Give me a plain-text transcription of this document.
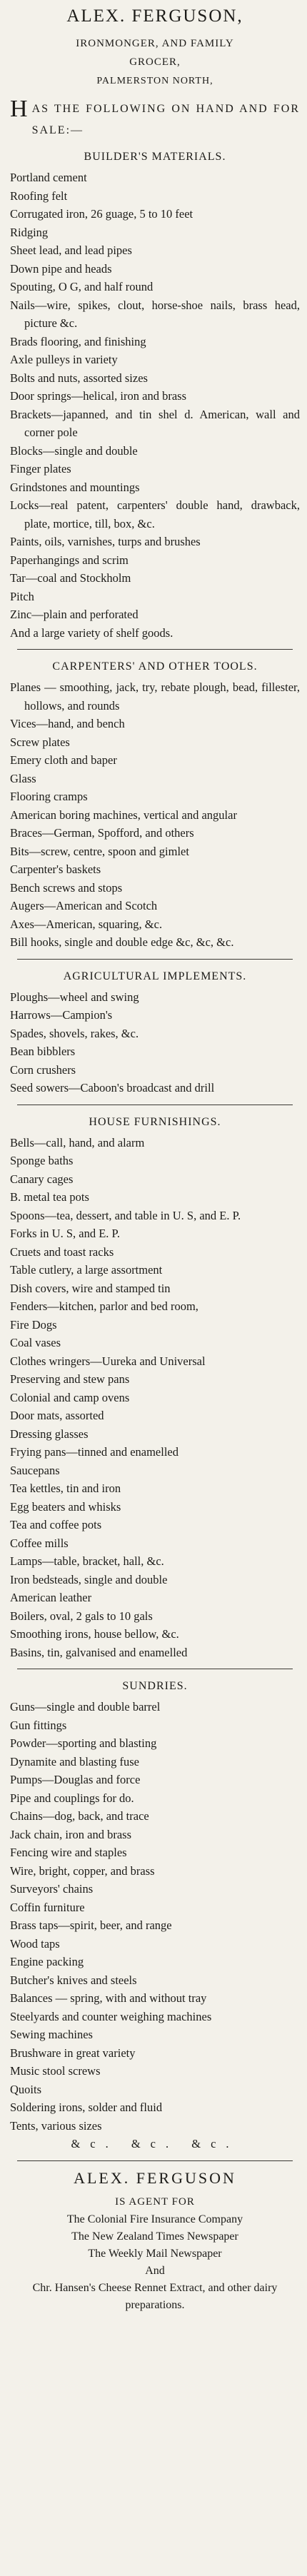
ALEX. FERGUSON,
IRONMONGER, AND FAMILY
GROCER,
PALMERSTON NORTH,
H AS THE FOLLOWING ON HAND AND FOR SALE:—
BUILDER'S MATERIALS.
Portland cement
Roofing felt
Corrugated iron, 26 guage, 5 to 10 feet
Ridging
Sheet lead, and lead pipes
Down pipe and heads
Spouting, O G, and half round
Nails—wire, spikes, clout, horse-shoe nails, brass head, picture &c.
Brads flooring, and finishing
Axle pulleys in variety
Bolts and nuts, assorted sizes
Door springs—helical, iron and brass
Brackets—japanned, and tin shel d. American, wall and corner pole
Blocks—single and double
Finger plates
Grindstones and mountings
Locks—real patent, carpenters' double hand, drawback, plate, mortice, till, box, &c.
Paints, oils, varnishes, turps and brushes
Paperhangings and scrim
Tar—coal and Stockholm
Pitch
Zinc—plain and perforated
And a large variety of shelf goods.
CARPENTERS' AND OTHER TOOLS.
Planes — smoothing, jack, try, rebate plough, bead, fillester, hollows, and rounds
Vices—hand, and bench
Screw plates
Emery cloth and baper
Glass
Flooring cramps
American boring machines, vertical and angular
Braces—German, Spofford, and others
Bits—screw, centre, spoon and gimlet
Carpenter's baskets
Bench screws and stops
Augers—American and Scotch
Axes—American, squaring, &c.
Bill hooks, single and double edge &c, &c, &c.
AGRICULTURAL IMPLEMENTS.
Ploughs—wheel and swing
Harrows—Campion's
Spades, shovels, rakes, &c.
Bean bibblers
Corn crushers
Seed sowers—Caboon's broadcast and drill
HOUSE FURNISHINGS.
Bells—call, hand, and alarm
Sponge baths
Canary cages
B. metal tea pots
Spoons—tea, dessert, and table in U. S, and E. P.
Forks in U. S, and E. P.
Cruets and toast racks
Table cutlery, a large assortment
Dish covers, wire and stamped tin
Fenders—kitchen, parlor and bed room,
Fire Dogs
Coal vases
Clothes wringers—Uureka and Universal
Preserving and stew pans
Colonial and camp ovens
Door mats, assorted
Dressing glasses
Frying pans—tinned and enamelled
Saucepans
Tea kettles, tin and iron
Egg beaters and whisks
Tea and coffee pots
Coffee mills
Lamps—table, bracket, hall, &c.
Iron bedsteads, single and double
American leather
Boilers, oval, 2 gals to 10 gals
Smoothing irons, house bellow, &c.
Basins, tin, galvanised and enamelled
SUNDRIES.
Guns—single and double barrel
Gun fittings
Powder—sporting and blasting
Dynamite and blasting fuse
Pumps—Douglas and force
Pipe and couplings for do.
Chains—dog, back, and trace
Jack chain, iron and brass
Fencing wire and staples
Wire, bright, copper, and brass
Surveyors' chains
Coffin furniture
Brass taps—spirit, beer, and range
Wood taps
Engine packing
Butcher's knives and steels
Balances — spring, with and without tray
Steelyards and counter weighing machines
Sewing machines
Brushware in great variety
Music stool screws
Quoits
Soldering irons, solder and fluid
Tents, various sizes
&c. &c. &c.
ALEX. FERGUSON
IS AGENT FOR
The Colonial Fire Insurance Company
The New Zealand Times Newspaper
The Weekly Mail Newspaper
And
Chr. Hansen's Cheese Rennet Extract, and other dairy preparations.
